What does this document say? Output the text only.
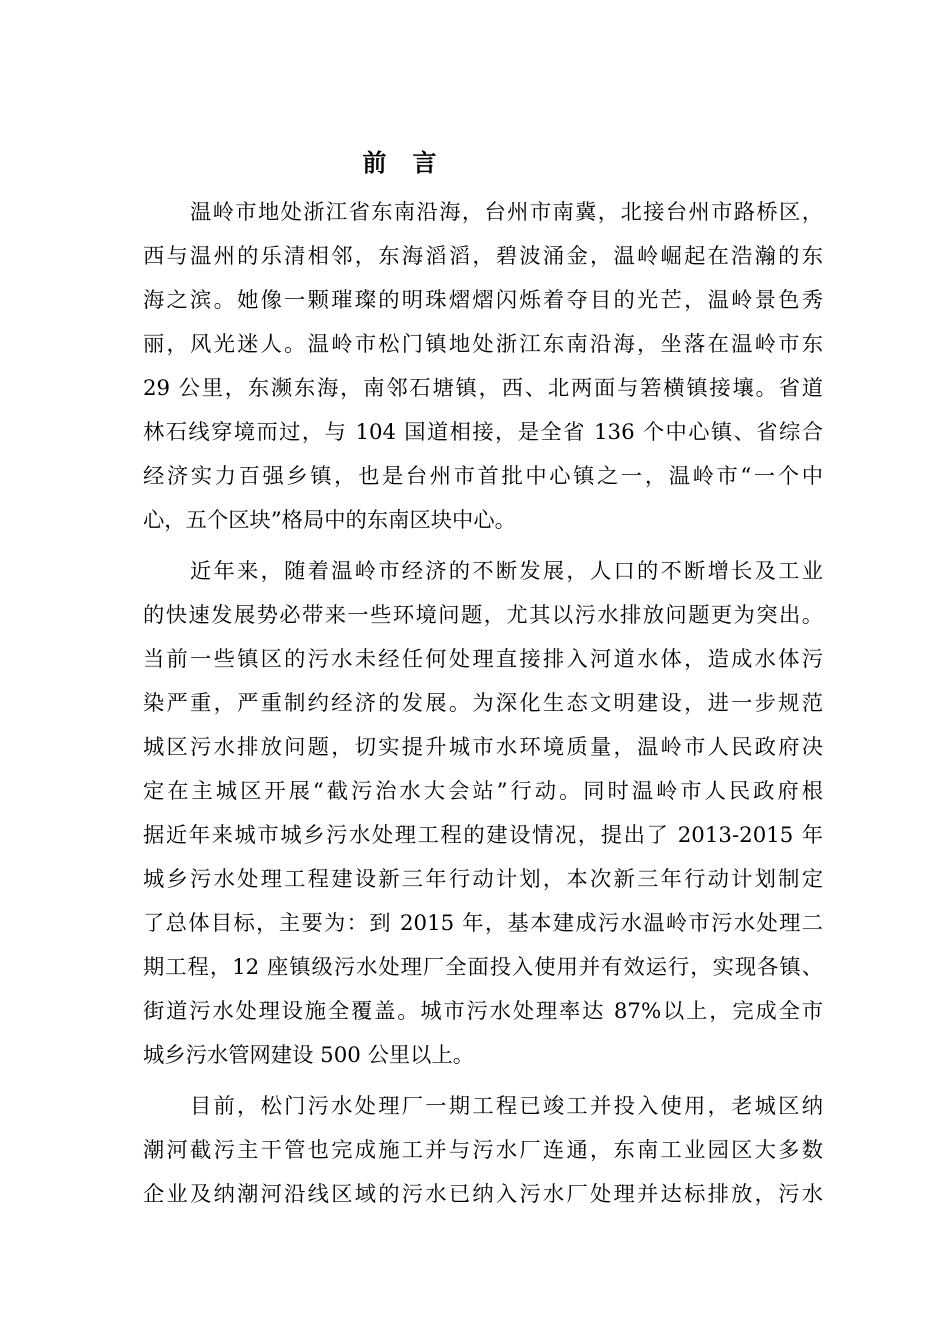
前　言
温岭市地处浙江省东南沿海，台州市南冀，北接台州市路桥区，
西与温州的乐清相邻，东海滔滔，碧波涌金，温岭崛起在浩瀚的东
海之滨。她像一颗璀璨的明珠熠熠闪烁着夺目的光芒，温岭景色秀
丽，风光迷人。温岭市松门镇地处浙江东南沿海，坐落在温岭市东
29 公里，东濒东海，南邻石塘镇，西、北两面与箬横镇接壤。省道
林石线穿境而过，与 104 国道相接，是全省 136 个中心镇、省综合
经济实力百强乡镇，也是台州市首批中心镇之一，温岭市“一个中
心，五个区块”格局中的东南区块中心。
近年来，随着温岭市经济的不断发展，人口的不断增长及工业
的快速发展势必带来一些环境问题，尤其以污水排放问题更为突出。
当前一些镇区的污水未经任何处理直接排入河道水体，造成水体污
染严重，严重制约经济的发展。为深化生态文明建设，进一步规范
城区污水排放问题，切实提升城市水环境质量，温岭市人民政府决
定在主城区开展“截污治水大会站”行动。同时温岭市人民政府根
据近年来城市城乡污水处理工程的建设情况，提出了 2013-2015 年
城乡污水处理工程建设新三年行动计划，本次新三年行动计划制定
了总体目标，主要为：到 2015 年，基本建成污水温岭市污水处理二
期工程，12 座镇级污水处理厂全面投入使用并有效运行，实现各镇、
街道污水处理设施全覆盖。城市污水处理率达 87%以上，完成全市
城乡污水管网建设 500 公里以上。
目前，松门污水处理厂一期工程已竣工并投入使用，老城区纳
潮河截污主干管也完成施工并与污水厂连通，东南工业园区大多数
企业及纳潮河沿线区域的污水已纳入污水厂处理并达标排放，污水
